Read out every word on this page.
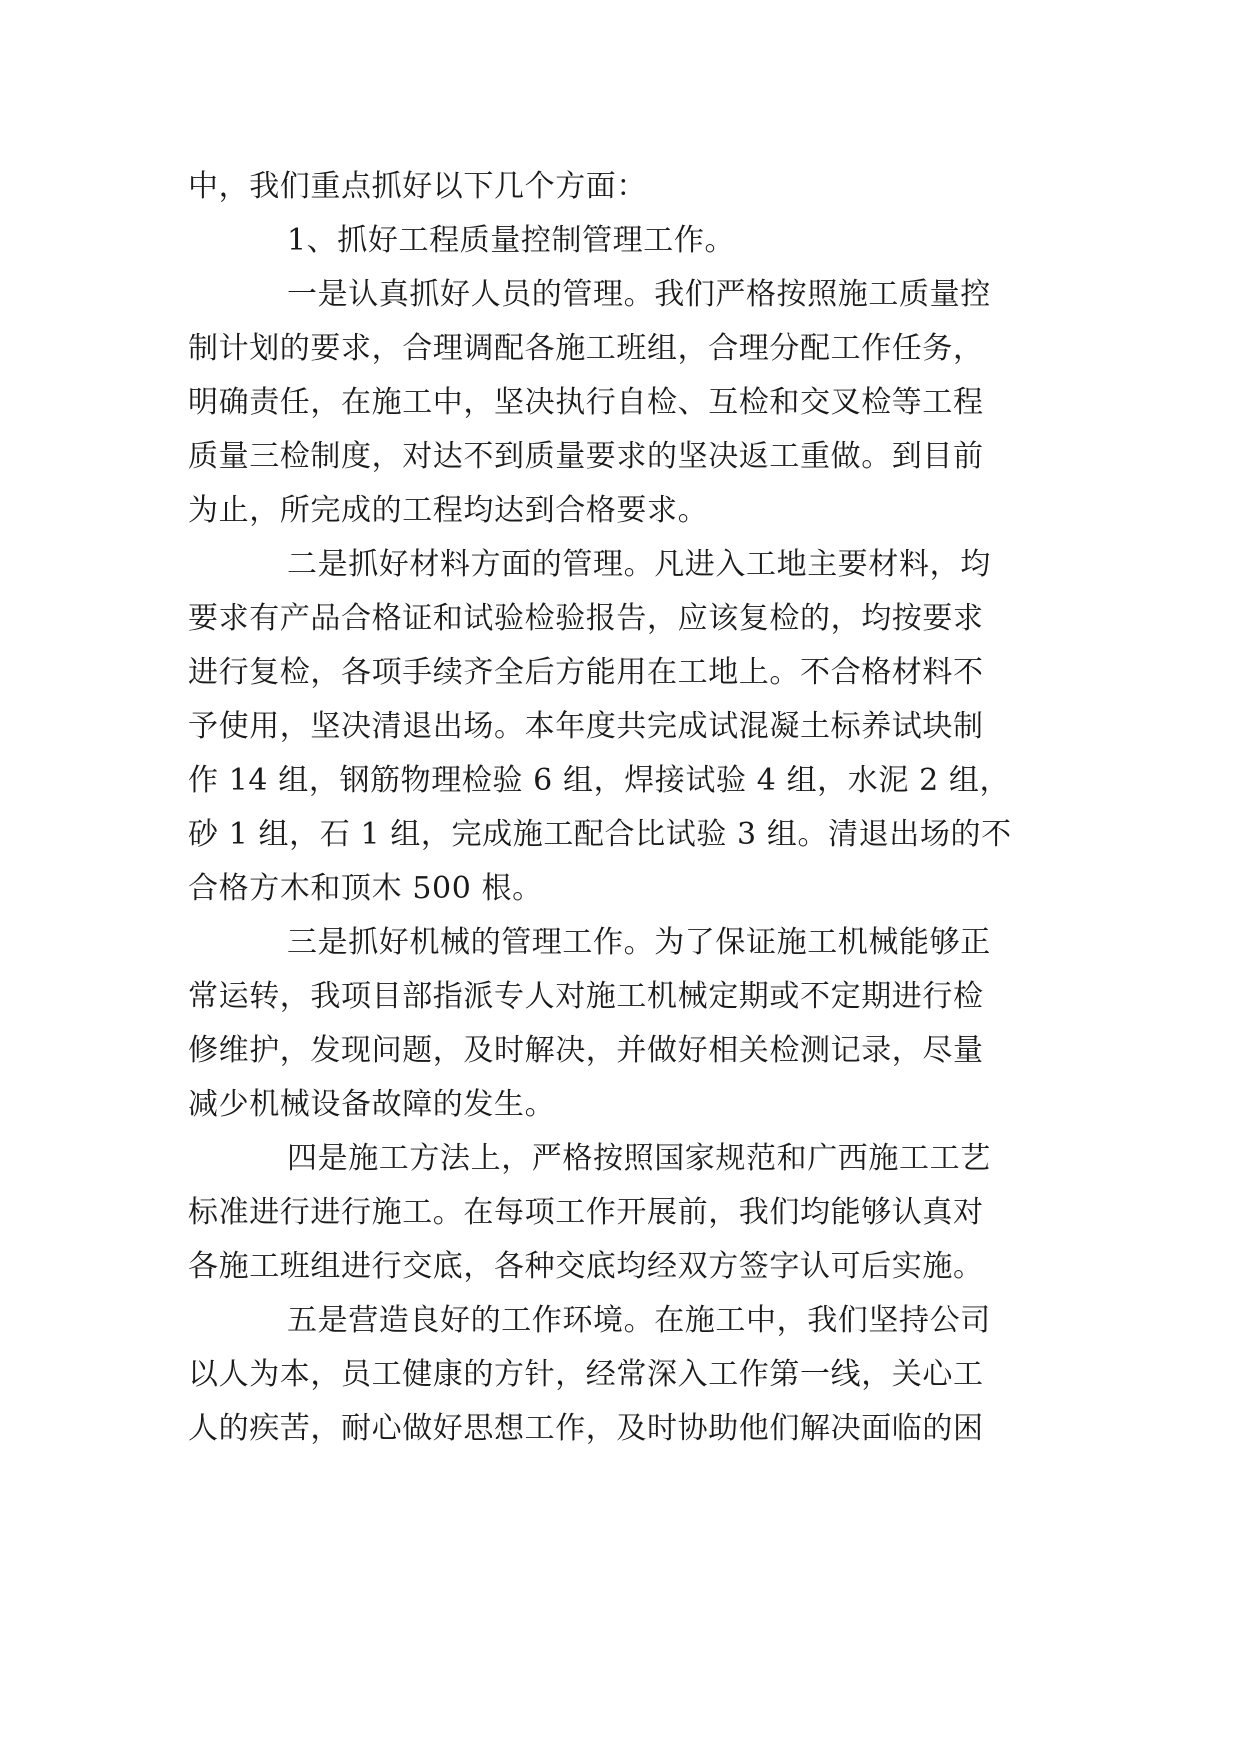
中，我们重点抓好以下几个方面：
1、抓好工程质量控制管理工作。
一是认真抓好人员的管理。我们严格按照施工质量控
制计划的要求，合理调配各施工班组，合理分配工作任务，
明确责任，在施工中，坚决执行自检、互检和交叉检等工程
质量三检制度，对达不到质量要求的坚决返工重做。到目前
为止，所完成的工程均达到合格要求。
二是抓好材料方面的管理。凡进入工地主要材料，均
要求有产品合格证和试验检验报告，应该复检的，均按要求
进行复检，各项手续齐全后方能用在工地上。不合格材料不
予使用，坚决清退出场。本年度共完成试混凝土标养试块制
作 14 组，钢筋物理检验 6 组，焊接试验 4 组，水泥 2 组，
砂 1 组，石 1 组，完成施工配合比试验 3 组。清退出场的不
合格方木和顶木 500 根。
三是抓好机械的管理工作。为了保证施工机械能够正
常运转，我项目部指派专人对施工机械定期或不定期进行检
修维护，发现问题，及时解决，并做好相关检测记录，尽量
减少机械设备故障的发生。
四是施工方法上，严格按照国家规范和广西施工工艺
标准进行进行施工。在每项工作开展前，我们均能够认真对
各施工班组进行交底，各种交底均经双方签字认可后实施。
五是营造良好的工作环境。在施工中，我们坚持公司
以人为本，员工健康的方针，经常深入工作第一线，关心工
人的疾苦，耐心做好思想工作，及时协助他们解决面临的困
